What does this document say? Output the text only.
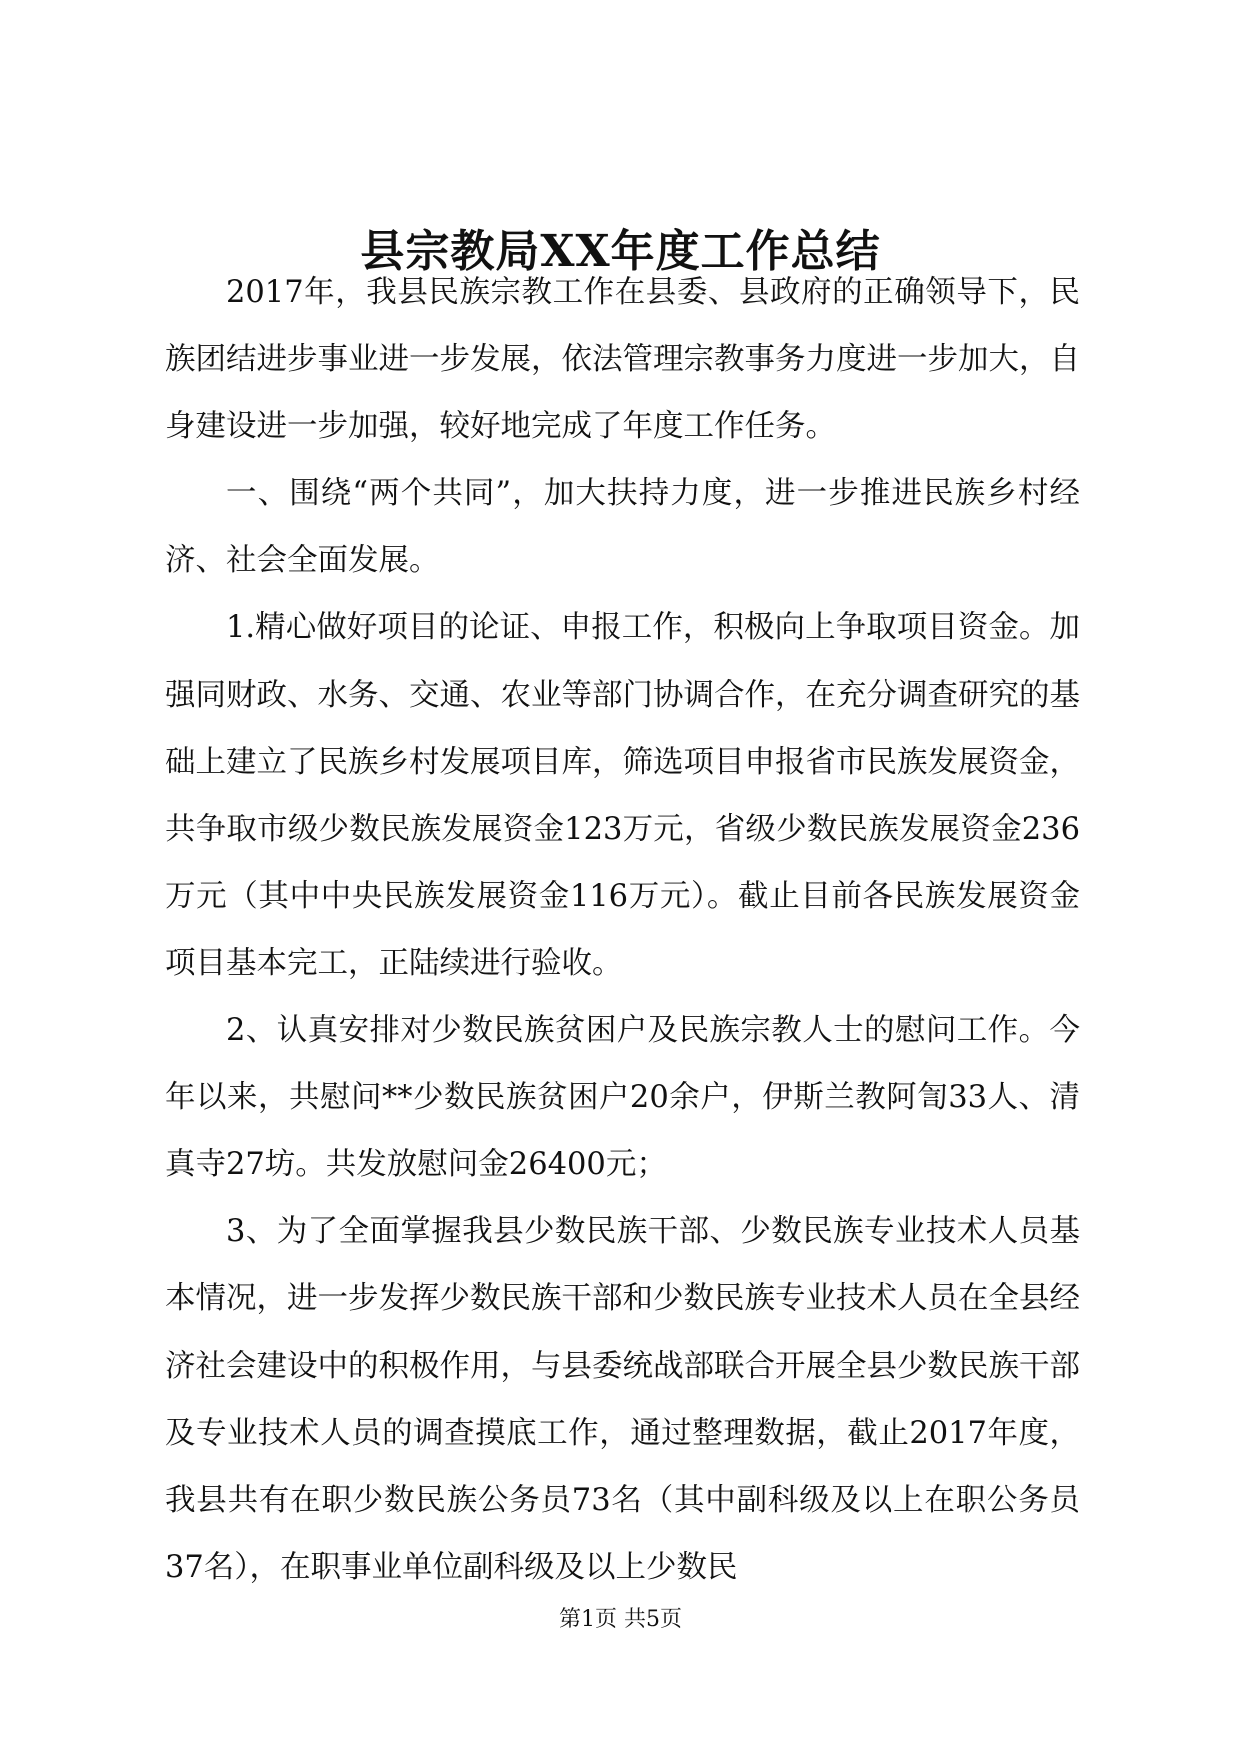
县宗教局XX年度工作总结

2017年，我县民族宗教工作在县委、县政府的正确领导下，民族团结进步事业进一步发展，依法管理宗教事务力度进一步加大，自身建设进一步加强，较好地完成了年度工作任务。

一、围绕“两个共同”，加大扶持力度，进一步推进民族乡村经济、社会全面发展。

1.精心做好项目的论证、申报工作，积极向上争取项目资金。加强同财政、水务、交通、农业等部门协调合作，在充分调查研究的基础上建立了民族乡村发展项目库，筛选项目申报省市民族发展资金，共争取市级少数民族发展资金123万元，省级少数民族发展资金236万元（其中中央民族发展资金116万元）。截止目前各民族发展资金项目基本完工，正陆续进行验收。

2、认真安排对少数民族贫困户及民族宗教人士的慰问工作。今年以来，共慰问**少数民族贫困户20余户，伊斯兰教阿訇33人、清真寺27坊。共发放慰问金26400元；

3、为了全面掌握我县少数民族干部、少数民族专业技术人员基本情况，进一步发挥少数民族干部和少数民族专业技术人员在全县经济社会建设中的积极作用，与县委统战部联合开展全县少数民族干部及专业技术人员的调查摸底工作，通过整理数据，截止2017年度，我县共有在职少数民族公务员73名（其中副科级及以上在职公务员37名），在职事业单位副科级及以上少数民

第1页 共5页
